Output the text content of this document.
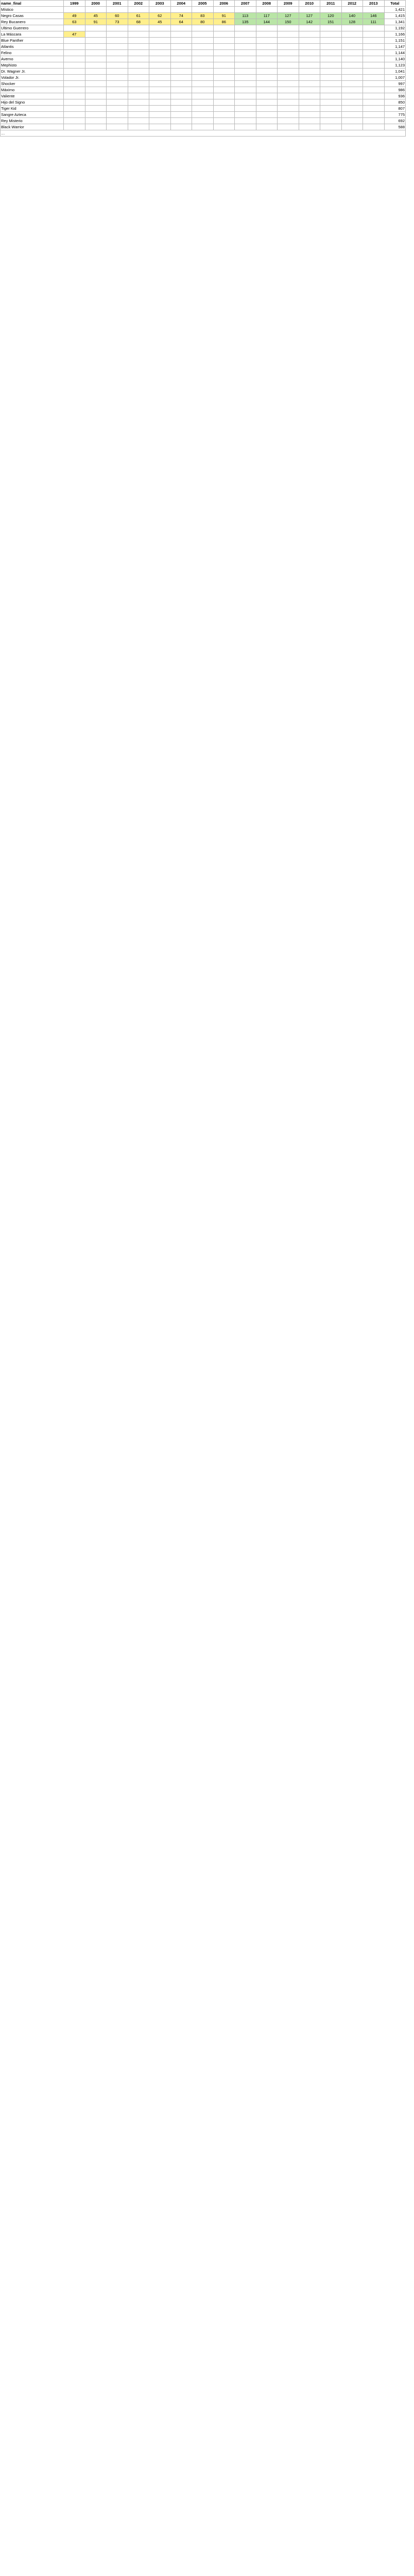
name_final	1999	2000	2001	2002	2003	2004	2005	2006	2007	2008	2009	2010	2011	2012	2013	Total
Místico																1,421
Negro Casas	49	45	60	61	62	74	83	91	113	117	127	127	120	140	146	1,415
Rey Bucanero	63	91	73	68	45	64	80	86	135	144	150	142	151	128	111	1,341
Ultimo Guerrero																1,192
La Máscara	47															1,166
Blue Panther																1,151
Atlantis																1,147
Felino																1,144
Averno																1,140
Mephisto																1,123
Dr. Wagner Jr.																1,041
Volador Jr.																1,007
Shocker																997
Máximo																986
Valiente																936
Hijo del Signo																850
Tiger Kid																807
Sangre Azteca																775
Rey Misterio																692
Black Warrior																588
…																
